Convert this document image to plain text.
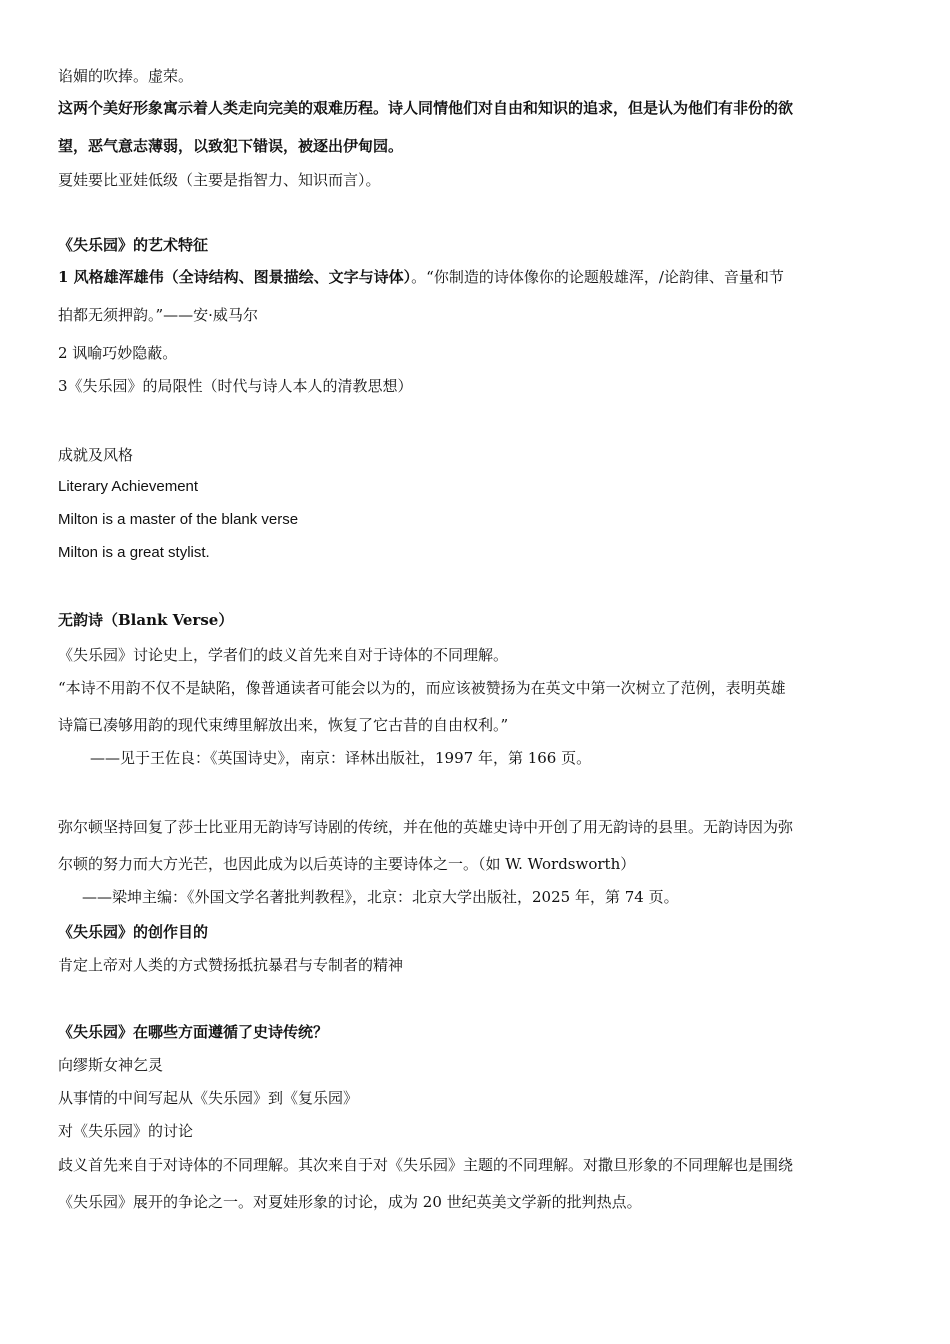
谄媚的吹捧。虚荣。

这两个美好形象寓示着人类走向完美的艰难历程。诗人同情他们对自由和知识的追求，但是认为他们有非份的欲

望，恶气意志薄弱，以致犯下错误，被逐出伊甸园。

夏娃要比亚娃低级（主要是指智力、知识而言）。

《失乐园》的艺术特征

1 风格雄浑雄伟（全诗结构、图景描绘、文字与诗体）。“你制造的诗体像你的论题般雄浑，/论韵律、音量和节

拍都无须押韵。”——安·威马尔

2 讽喻巧妙隐蔽。

3《失乐园》的局限性（时代与诗人本人的清教思想）

成就及风格

Literary Achievement

Milton is a master of the blank verse

Milton is a great stylist.

无韵诗（Blank Verse）

《失乐园》讨论史上，学者们的歧义首先来自对于诗体的不同理解。

“本诗不用韵不仅不是缺陷，像普通读者可能会以为的，而应该被赞扬为在英文中第一次树立了范例，表明英雄

诗篇已凑够用韵的现代束缚里解放出来，恢复了它古昔的自由权利。”

——见于王佐良：《英国诗史》，南京：译林出版社，1997 年，第 166 页。

弥尔顿坚持回复了莎士比亚用无韵诗写诗剧的传统，并在他的英雄史诗中开创了用无韵诗的县里。无韵诗因为弥

尔顿的努力而大方光芒，也因此成为以后英诗的主要诗体之一。（如 W. Wordsworth）

——梁坤主编：《外国文学名著批判教程》，北京：北京大学出版社，2025 年，第 74 页。

《失乐园》的创作目的

肯定上帝对人类的方式赞扬抵抗暴君与专制者的精神

《失乐园》在哪些方面遵循了史诗传统？

向缪斯女神乞灵

从事情的中间写起从《失乐园》到《复乐园》

对《失乐园》的讨论

歧义首先来自于对诗体的不同理解。其次来自于对《失乐园》主题的不同理解。对撒旦形象的不同理解也是围绕

《失乐园》展开的争论之一。对夏娃形象的讨论，成为 20 世纪英美文学新的批判热点。
